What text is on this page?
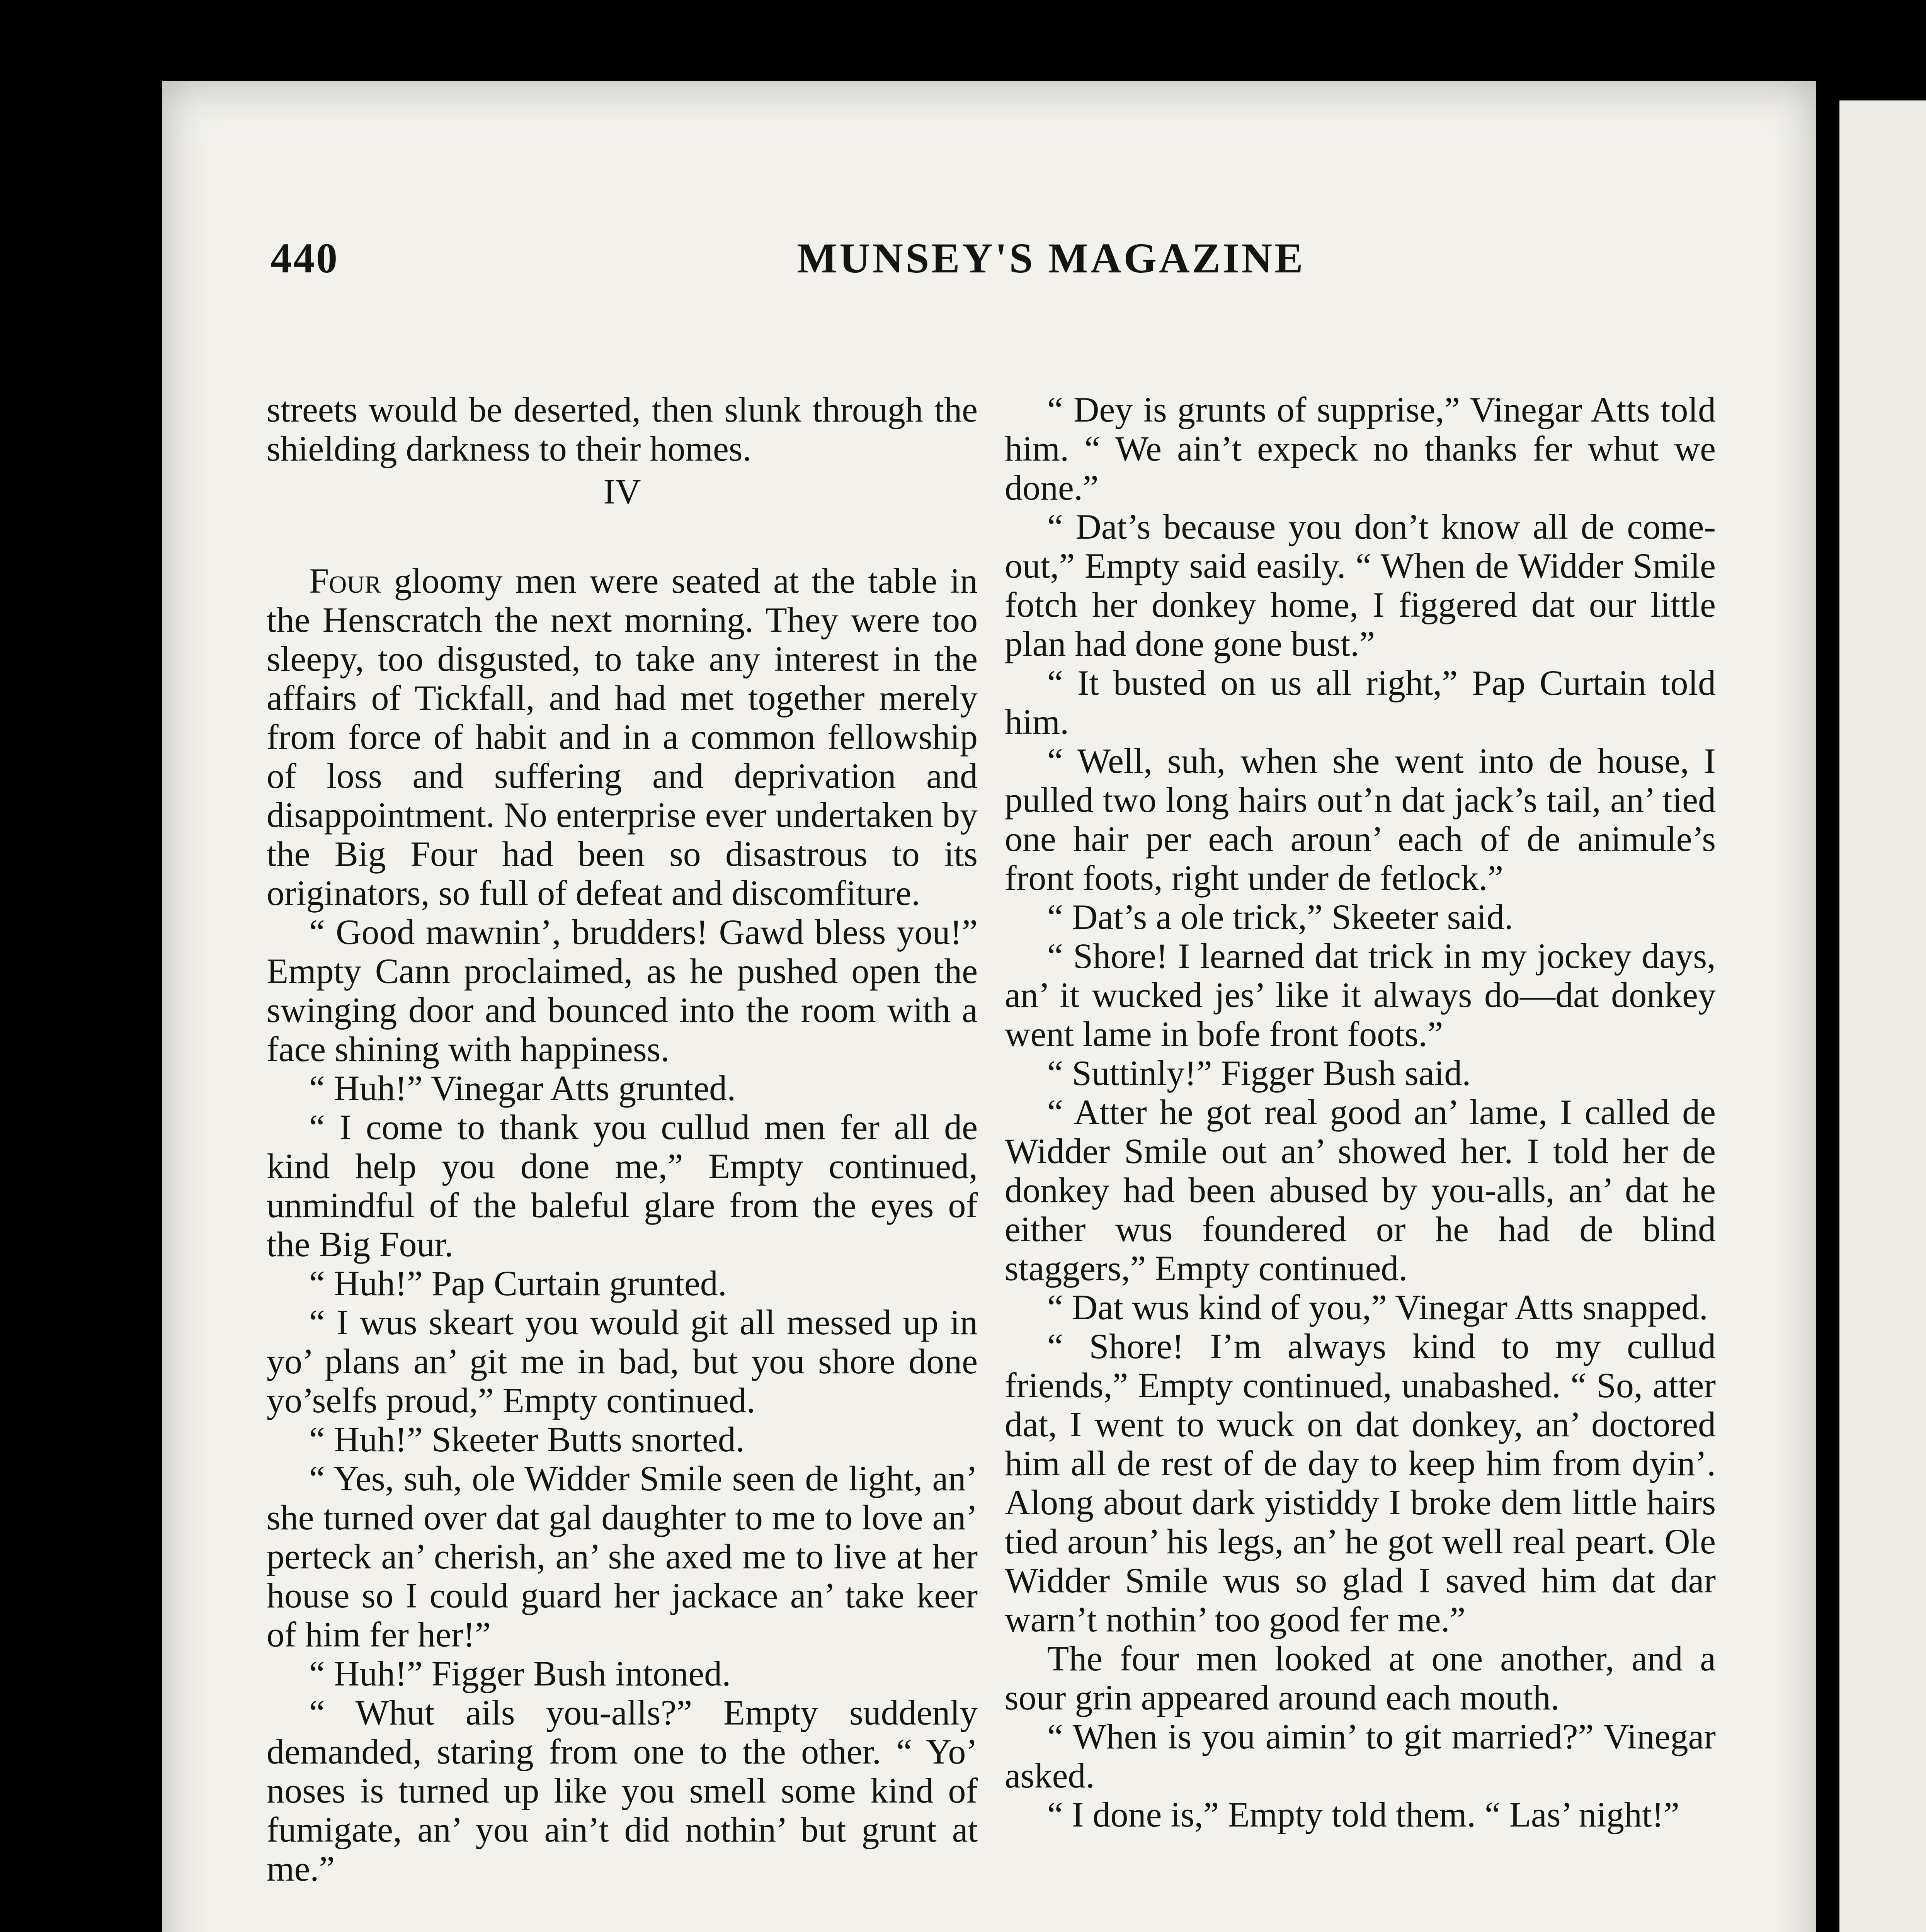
440	MUNSEY'S MAGAZINE

streets would be deserted, then slunk through the shielding darkness to their homes.

IV

Four gloomy men were seated at the table in the Henscratch the next morning. They were too sleepy, too disgusted, to take any interest in the affairs of Tickfall, and had met together merely from force of habit and in a common fellowship of loss and suffering and deprivation and disappointment. No enterprise ever undertaken by the Big Four had been so disastrous to its originators, so full of defeat and discomfiture.

“ Good mawnin’, brudders! Gawd bless you!” Empty Cann proclaimed, as he pushed open the swinging door and bounced into the room with a face shining with happiness.

“ Huh!” Vinegar Atts grunted.

“ I come to thank you cullud men fer all de kind help you done me,” Empty continued, unmindful of the baleful glare from the eyes of the Big Four.

“ Huh!” Pap Curtain grunted.

“ I wus skeart you would git all messed up in yo’ plans an’ git me in bad, but you shore done yo’selfs proud,” Empty continued.

“ Huh!” Skeeter Butts snorted.

“ Yes, suh, ole Widder Smile seen de light, an’ she turned over dat gal daughter to me to love an’ perteck an’ cherish, an’ she axed me to live at her house so I could guard her jackace an’ take keer of him fer her!”

“ Huh!” Figger Bush intoned.

“ Whut ails you-alls?” Empty suddenly demanded, staring from one to the other. “ Yo’ noses is turned up like you smell some kind of fumigate, an’ you ain’t did nothin’ but grunt at me.”

“ Dey is grunts of supprise,” Vinegar Atts told him. “ We ain’t expeck no thanks fer whut we done.”

“ Dat’s because you don’t know all de come-out,” Empty said easily. “ When de Widder Smile fotch her donkey home, I figgered dat our little plan had done gone bust.”

“ It busted on us all right,” Pap Curtain told him.

“ Well, suh, when she went into de house, I pulled two long hairs out’n dat jack’s tail, an’ tied one hair per each aroun’ each of de animule’s front foots, right under de fetlock.”

“ Dat’s a ole trick,” Skeeter said.

“ Shore! I learned dat trick in my jockey days, an’ it wucked jes’ like it always do—dat donkey went lame in bofe front foots.”

“ Suttinly!” Figger Bush said.

“ Atter he got real good an’ lame, I called de Widder Smile out an’ showed her. I told her de donkey had been abused by you-alls, an’ dat he either wus foundered or he had de blind staggers,” Empty continued.

“ Dat wus kind of you,” Vinegar Atts snapped.

“ Shore! I’m always kind to my cullud friends,” Empty continued, unabashed. “ So, atter dat, I went to wuck on dat donkey, an’ doctored him all de rest of de day to keep him from dyin’. Along about dark yistiddy I broke dem little hairs tied aroun’ his legs, an’ he got well real peart. Ole Widder Smile wus so glad I saved him dat dar warn’t nothin’ too good fer me.”

The four men looked at one another, and a sour grin appeared around each mouth.

“ When is you aimin’ to git married?” Vinegar asked.

“ I done is,” Empty told them. “ Las’ night!”
